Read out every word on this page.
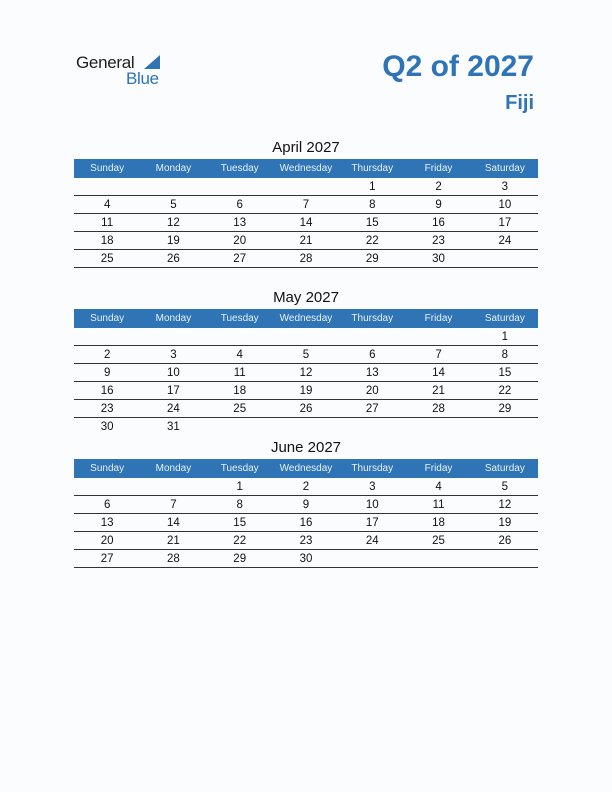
General
Blue	Q2 of 2027
Fiji
April 2027
Sunday	Monday	Tuesday	Wednesday	Thursday	Friday	Saturday
				1	2	3
4	5	6	7	8	9	10
11	12	13	14	15	16	17
18	19	20	21	22	23	24
25	26	27	28	29	30	
May 2027
Sunday	Monday	Tuesday	Wednesday	Thursday	Friday	Saturday
						1
2	3	4	5	6	7	8
9	10	11	12	13	14	15
16	17	18	19	20	21	22
23	24	25	26	27	28	29
30	31					
June 2027
Sunday	Monday	Tuesday	Wednesday	Thursday	Friday	Saturday
		1	2	3	4	5
6	7	8	9	10	11	12
13	14	15	16	17	18	19
20	21	22	23	24	25	26
27	28	29	30			
